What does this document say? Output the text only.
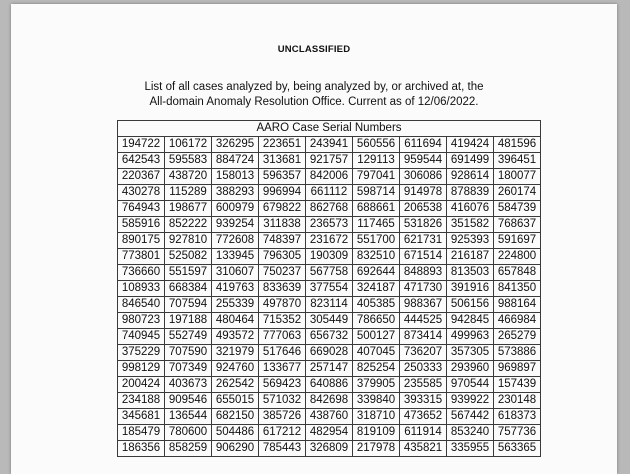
UNCLASSIFIED
List of all cases analyzed by, being analyzed by, or archived at, the
All-domain Anomaly Resolution Office. Current as of 12/06/2022.
AARO Case Serial Numbers								
194722	106172	326295	223651	243941	560556	611694	419424	481596
642543	595583	884724	313681	921757	129113	959544	691499	396451
220367	438720	158013	596357	842006	797041	306086	928614	180077
430278	115289	388293	996994	661112	598714	914978	878839	260174
764943	198677	600979	679822	862768	688661	206538	416076	584739
585916	852222	939254	311838	236573	117465	531826	351582	768637
890175	927810	772608	748397	231672	551700	621731	925393	591697
773801	525082	133945	796305	190309	832510	671514	216187	224800
736660	551597	310607	750237	567758	692644	848893	813503	657848
108933	668384	419763	833639	377554	324187	471730	391916	841350
846540	707594	255339	497870	823114	405385	988367	506156	988164
980723	197188	480464	715352	305449	786650	444525	942845	466984
740945	552749	493572	777063	656732	500127	873414	499963	265279
375229	707590	321979	517646	669028	407045	736207	357305	573886
998129	707349	924760	133677	257147	825254	250333	293960	969897
200424	403673	262542	569423	640886	379905	235585	970544	157439
234188	909546	655015	571032	842698	339840	393315	939922	230148
345681	136544	682150	385726	438760	318710	473652	567442	618373
185479	780600	504486	617212	482954	819109	611914	853240	757736
186356	858259	906290	785443	326809	217978	435821	335955	563365
